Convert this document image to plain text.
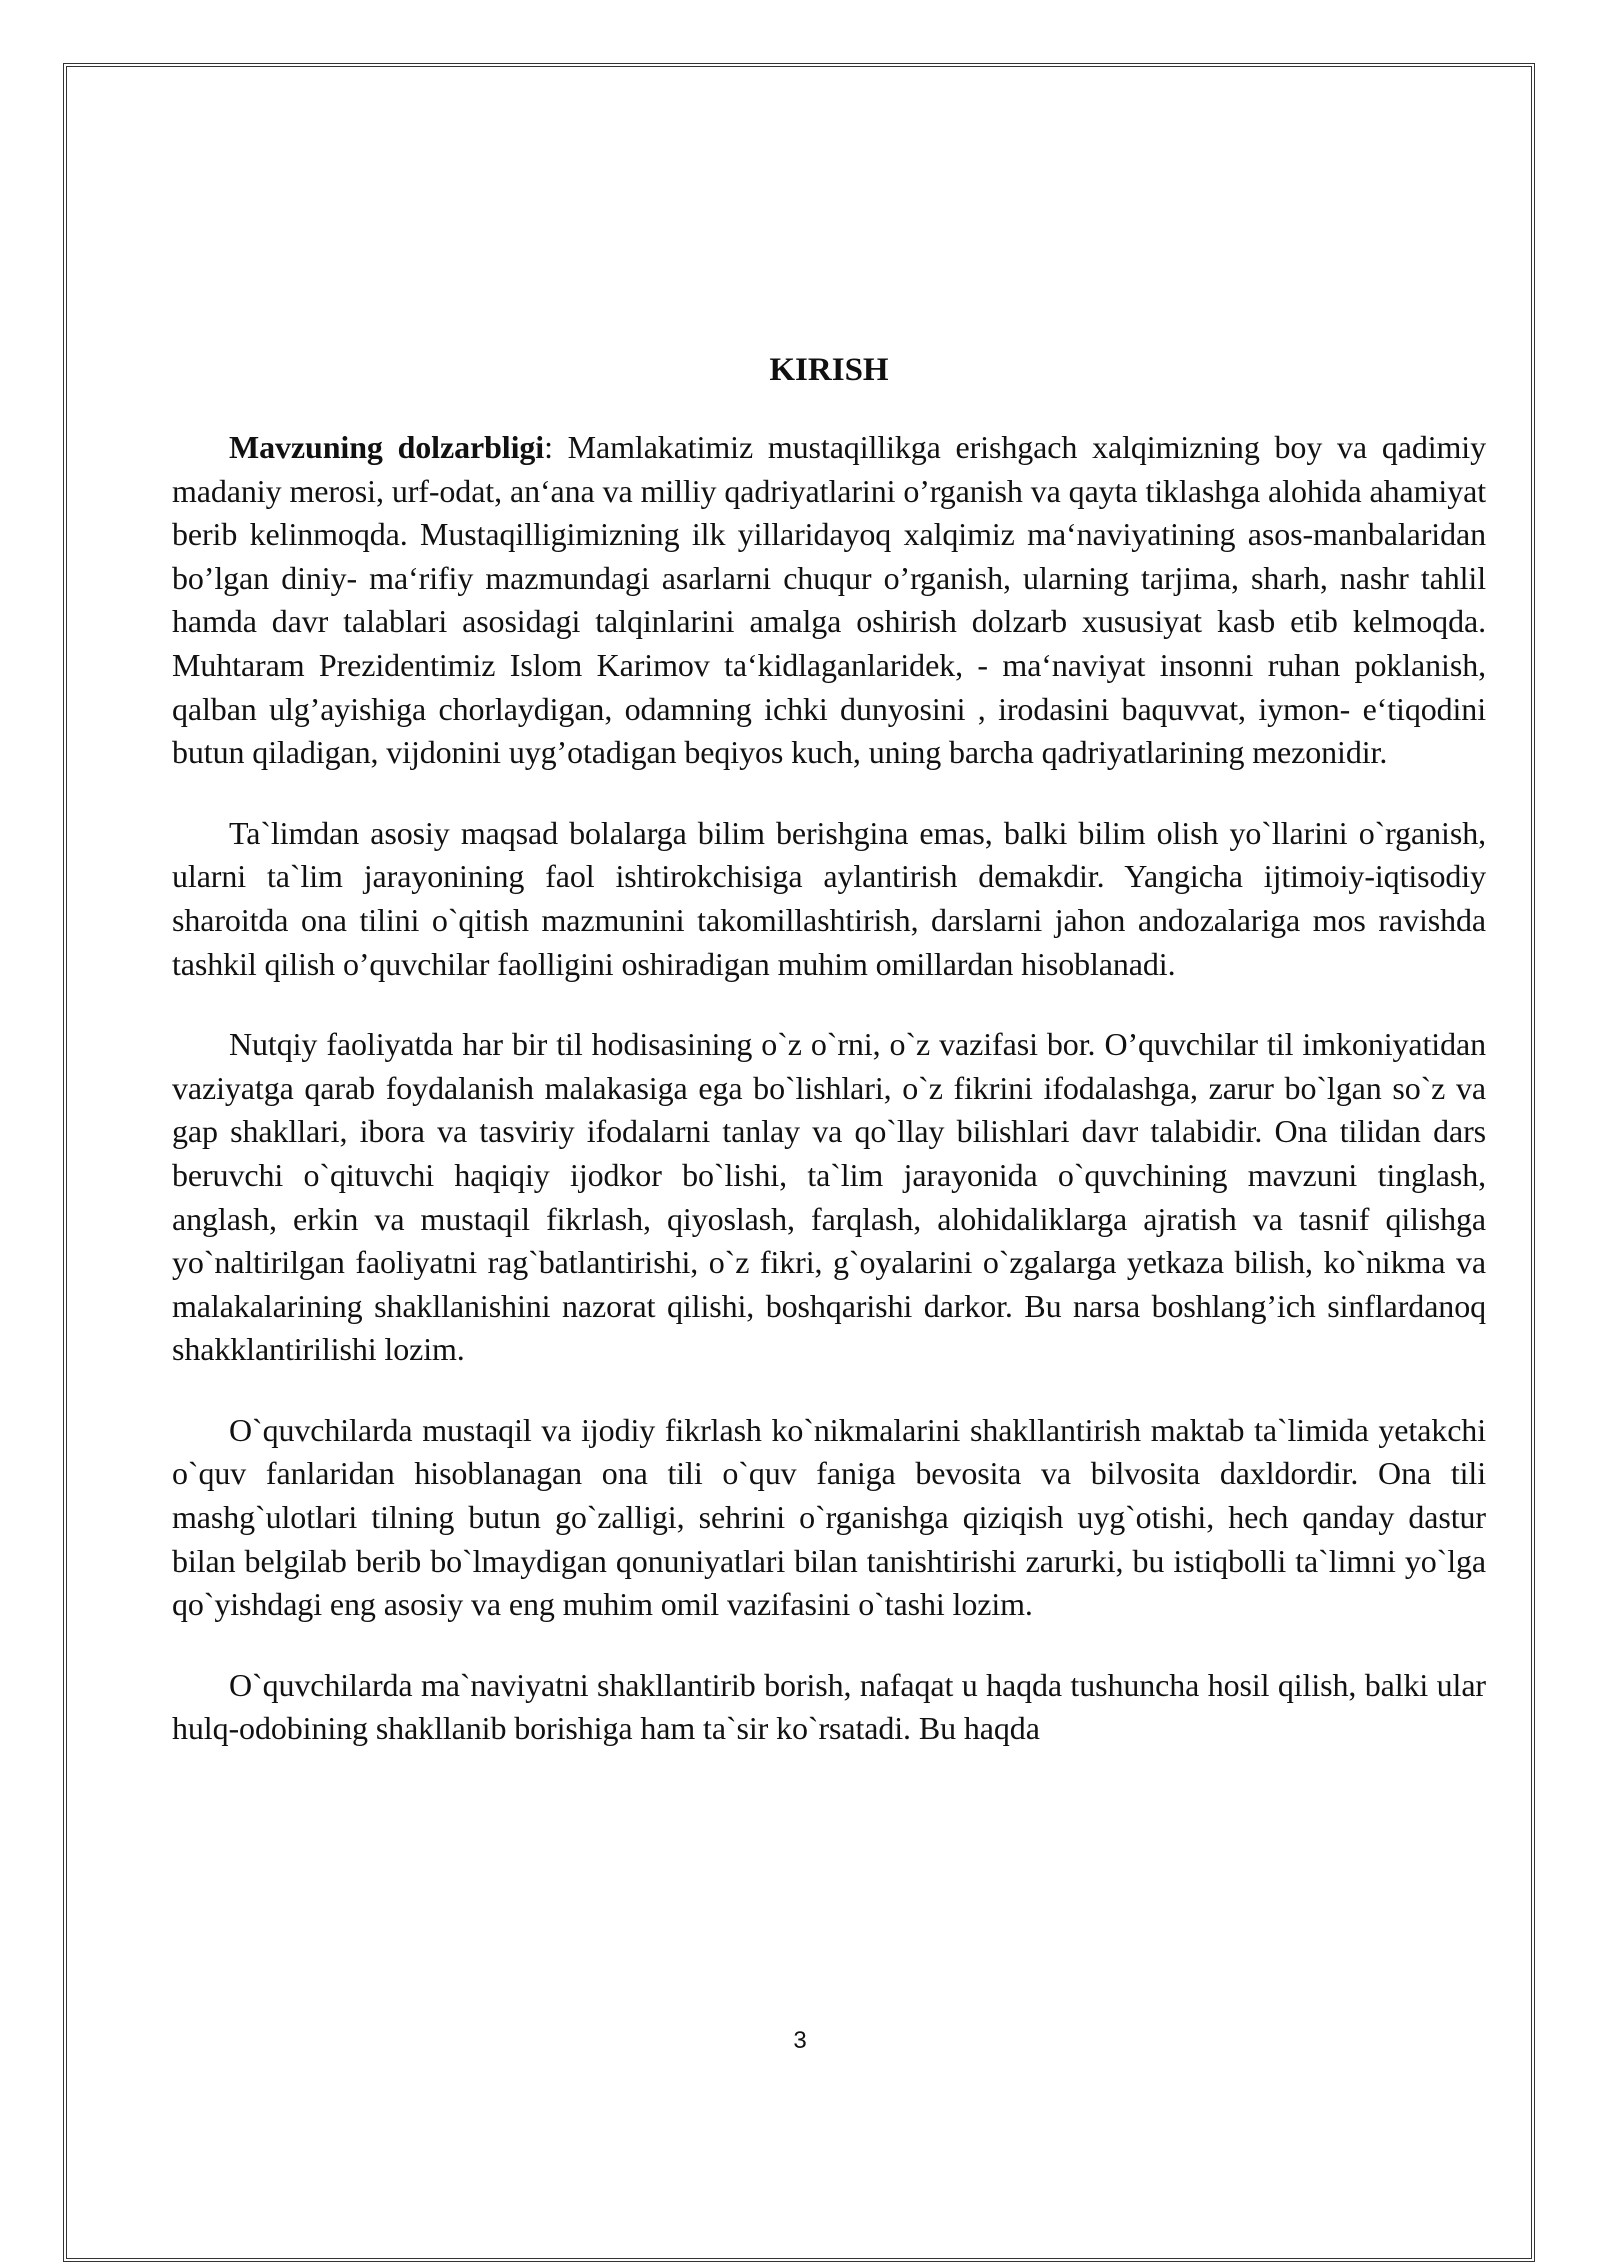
KIRISH

Mavzuning dolzarbligi: Mamlakatimiz mustaqillikga erishgach xalqimizning boy va qadimiy madaniy merosi, urf-odat, an‘ana va milliy qadriyatlarini o’rganish va qayta tiklashga alohida ahamiyat berib kelinmoqda. Mustaqilligimizning ilk yillaridayoq xalqimiz ma‘naviyatining asos-manbalaridan bo’lgan diniy- ma‘rifiy mazmundagi asarlarni chuqur o’rganish, ularning tarjima, sharh, nashr tahlil hamda davr talablari asosidagi talqinlarini amalga oshirish dolzarb xususiyat kasb etib kelmoqda. Muhtaram Prezidentimiz Islom Karimov ta‘kidlaganlaridek, - ma‘naviyat insonni ruhan poklanish, qalban ulg’ayishiga chorlaydigan, odamning ichki dunyosini , irodasini baquvvat, iymon- e‘tiqodini butun qiladigan, vijdonini uyg’otadigan beqiyos kuch, uning barcha qadriyatlarining mezonidir.

Ta`limdan asosiy maqsad bolalarga bilim berishgina emas, balki bilim olish yo`llarini o`rganish, ularni ta`lim jarayonining faol ishtirokchisiga aylantirish demakdir. Yangicha ijtimoiy-iqtisodiy sharoitda ona tilini o`qitish mazmunini takomillashtirish, darslarni jahon andozalariga mos ravishda tashkil qilish o’quvchilar faolligini oshiradigan muhim omillardan hisoblanadi.

Nutqiy faoliyatda har bir til hodisasining o`z o`rni, o`z vazifasi bor. O’quvchilar til imkoniyatidan vaziyatga qarab foydalanish malakasiga ega bo`lishlari, o`z fikrini ifodalashga, zarur bo`lgan so`z va gap shakllari, ibora va tasviriy ifodalarni tanlay va qo`llay bilishlari davr talabidir. Ona tilidan dars beruvchi o`qituvchi haqiqiy ijodkor bo`lishi, ta`lim jarayonida o`quvchining mavzuni tinglash, anglash, erkin va mustaqil fikrlash, qiyoslash, farqlash, alohidaliklarga ajratish va tasnif qilishga yo`naltirilgan faoliyatni rag`batlantirishi, o`z fikri, g`oyalarini o`zgalarga yetkaza bilish, ko`nikma va malakalarining shakllanishini nazorat qilishi, boshqarishi darkor. Bu narsa boshlang’ich sinflardanoq shakklantirilishi lozim.

O`quvchilarda mustaqil va ijodiy fikrlash ko`nikmalarini shakllantirish maktab ta`limida yetakchi o`quv fanlaridan hisoblanagan ona tili o`quv faniga bevosita va bilvosita daxldordir. Ona tili mashg`ulotlari tilning butun go`zalligi, sehrini o`rganishga qiziqish uyg`otishi, hech qanday dastur bilan belgilab berib bo`lmaydigan qonuniyatlari bilan tanishtirishi zarurki, bu istiqbolli ta`limni yo`lga qo`yishdagi eng asosiy va eng muhim omil vazifasini o`tashi lozim.

O`quvchilarda ma`naviyatni shakllantirib borish, nafaqat u haqda tushuncha hosil qilish, balki ular hulq-odobining shakllanib borishiga ham ta`sir ko`rsatadi. Bu haqda

3
